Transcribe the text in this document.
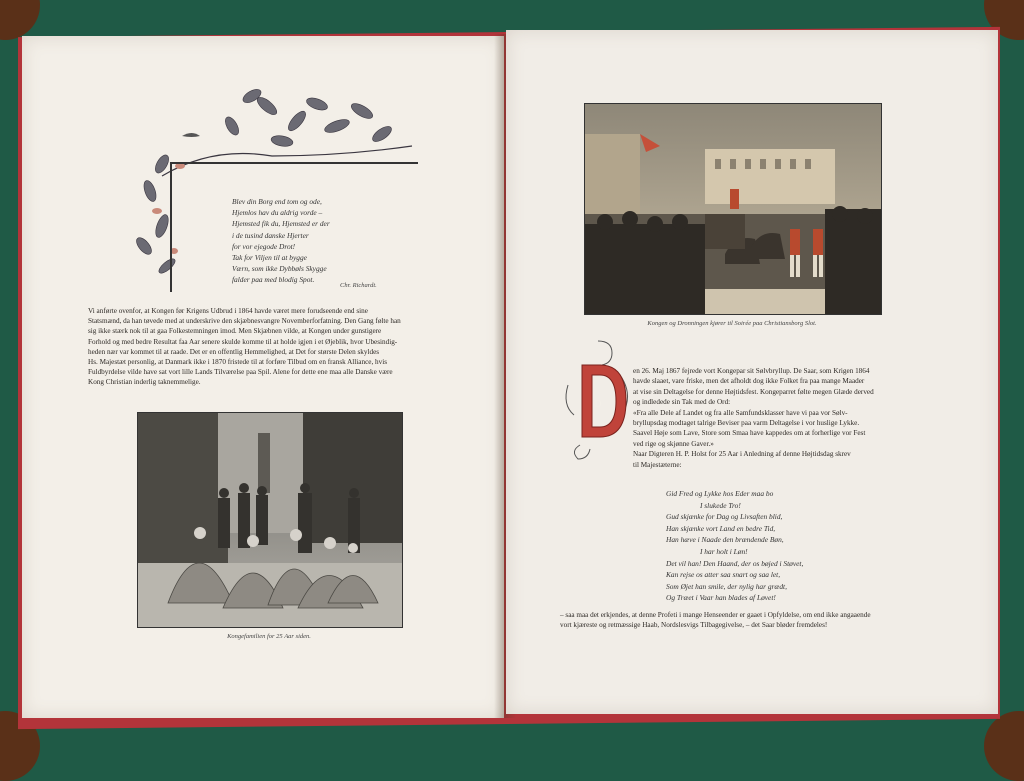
Blev din Borg end tom og ode,
Hjemlos hav du aldrig vorde –
Hjemsted fik du, Hjemsted er der
i de tusind danske Hjerter
for vor ejegode Drot!
Tak for Viljen til at bygge
Værn, som ikke Dybbøls Skygge
falder paa med blodig Spot.
Chr. Richardt.
Vi anførte ovenfor, at Kongen før Krigens Udbrud i 1864 havde været mere forudseende end sine
Statsmænd, da han tøvede med at underskrive den skjæbnesvangre Novemberforfatning. Den Gang følte han
sig ikke stærk nok til at gaa Folkestemningen imod. Men Skjæbnen vilde, at Kongen under gunstigere
Forhold og med bedre Resultat faa Aar senere skulde komme til at holde igjen i et Øjeblik, hvor Ubesindig-
heden nær var kommet til at raade. Det er en offentlig Hemmelighed, at Det for største Delen skyldes
Hs. Majestæt personlig, at Danmark ikke i 1870 fristede til at forføre Tilbud om en fransk Alliance, hvis
Fuldbyrdelse vilde have sat vort lille Lands Tilværelse paa Spil. Alene for dette ene maa alle Danske være
Kong Christian inderlig taknemmelige.
Kongefamilien for 25 Aar siden.
Kongen og Dronningen kjører til Soirée paa Christiansborg Slot.
D
en 26. Maj 1867 fejrede vort Kongepar sit Sølvbryllup. De Saar, som Krigen 1864
havde slaaet, vare friske, men det afholdt dog ikke Folket fra paa mange Maader
at vise sin Deltagelse for denne Højtidsfest. Kongeparret følte megen Glæde derved
og indledede sin Tak med de Ord:
«Fra alle Dele af Landet og fra alle Samfundsklasser have vi paa vor Sølv-
bryllupsdag modtaget talrige Beviser paa varm Deltagelse i vor huslige Lykke.
Saavel Høje som Lave, Store som Smaa have kappedes om at forherlige vor Fest
ved rige og skjønne Gaver.»
Naar Digteren H. P. Holst for 25 Aar i Anledning af denne Højtidsdag skrev
til Majestæterne:
Gid Fred og Lykke hos Eder maa bo
I slukede Tro!
Gud skjænke for Dag og Livsaften blid,
Han skjænke vort Land en bedre Tid,
Han hæve i Naade den brændende Bøn,
I har holt i Løn!
Det vil han! Den Haand, der os bøjed i Støvet,
Kan rejse os atter saa snart og saa let,
Som Øjet han smile, der nylig har grædt,
Og Træet i Vaar han blades af Løvet!
– saa maa det erkjendes, at denne Profeti i mange Henseender er gaaet i Opfyldelse, om end ikke angaaende
vort kjæreste og retmæssige Haab, Nordslesvigs Tilbagegivelse, – det Saar bløder fremdeles!
